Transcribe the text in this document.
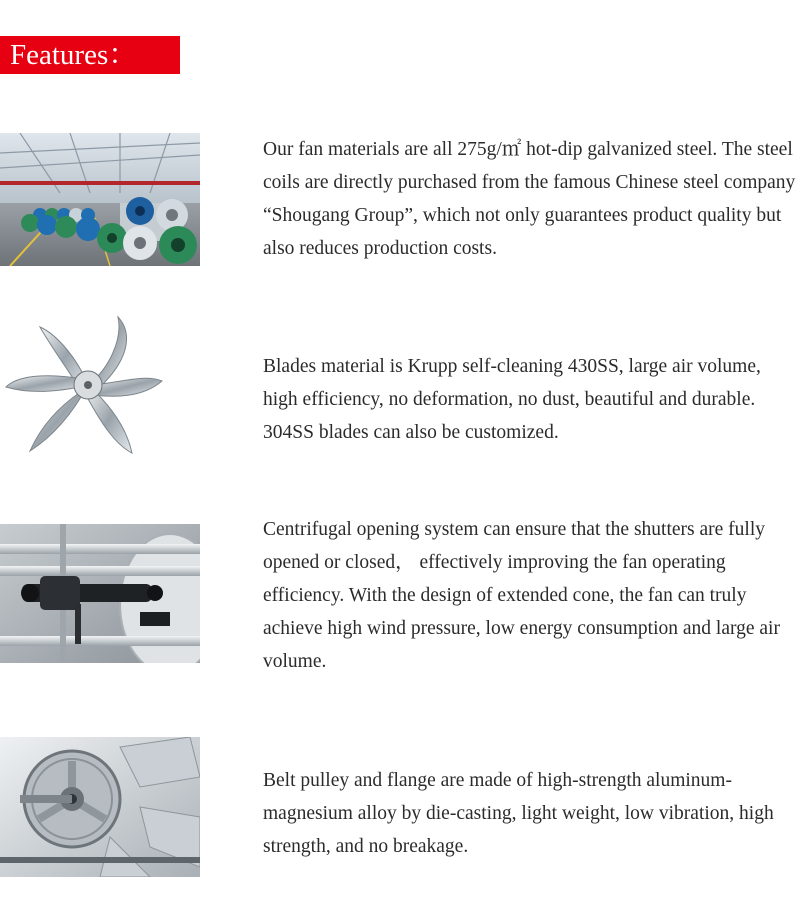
Features：
Our fan materials are all 275g/㎡ hot-dip galvanized steel. The steel coils are directly purchased from the famous Chinese steel company “Shougang Group”, which not only guarantees product quality but also reduces production costs.
Blades material is Krupp self-cleaning 430SS, large air volume, high efficiency, no deformation, no dust, beautiful and durable. 304SS blades can also be customized.
Centrifugal opening system can ensure that the shutters are fully opened or closed， effectively improving the fan operating efficiency. With the design of extended cone, the fan can truly achieve high wind pressure, low energy consumption and large air volume.
Belt pulley and flange are made of high-strength aluminum-magnesium alloy by die-casting, light weight, low vibration, high strength, and no breakage.
